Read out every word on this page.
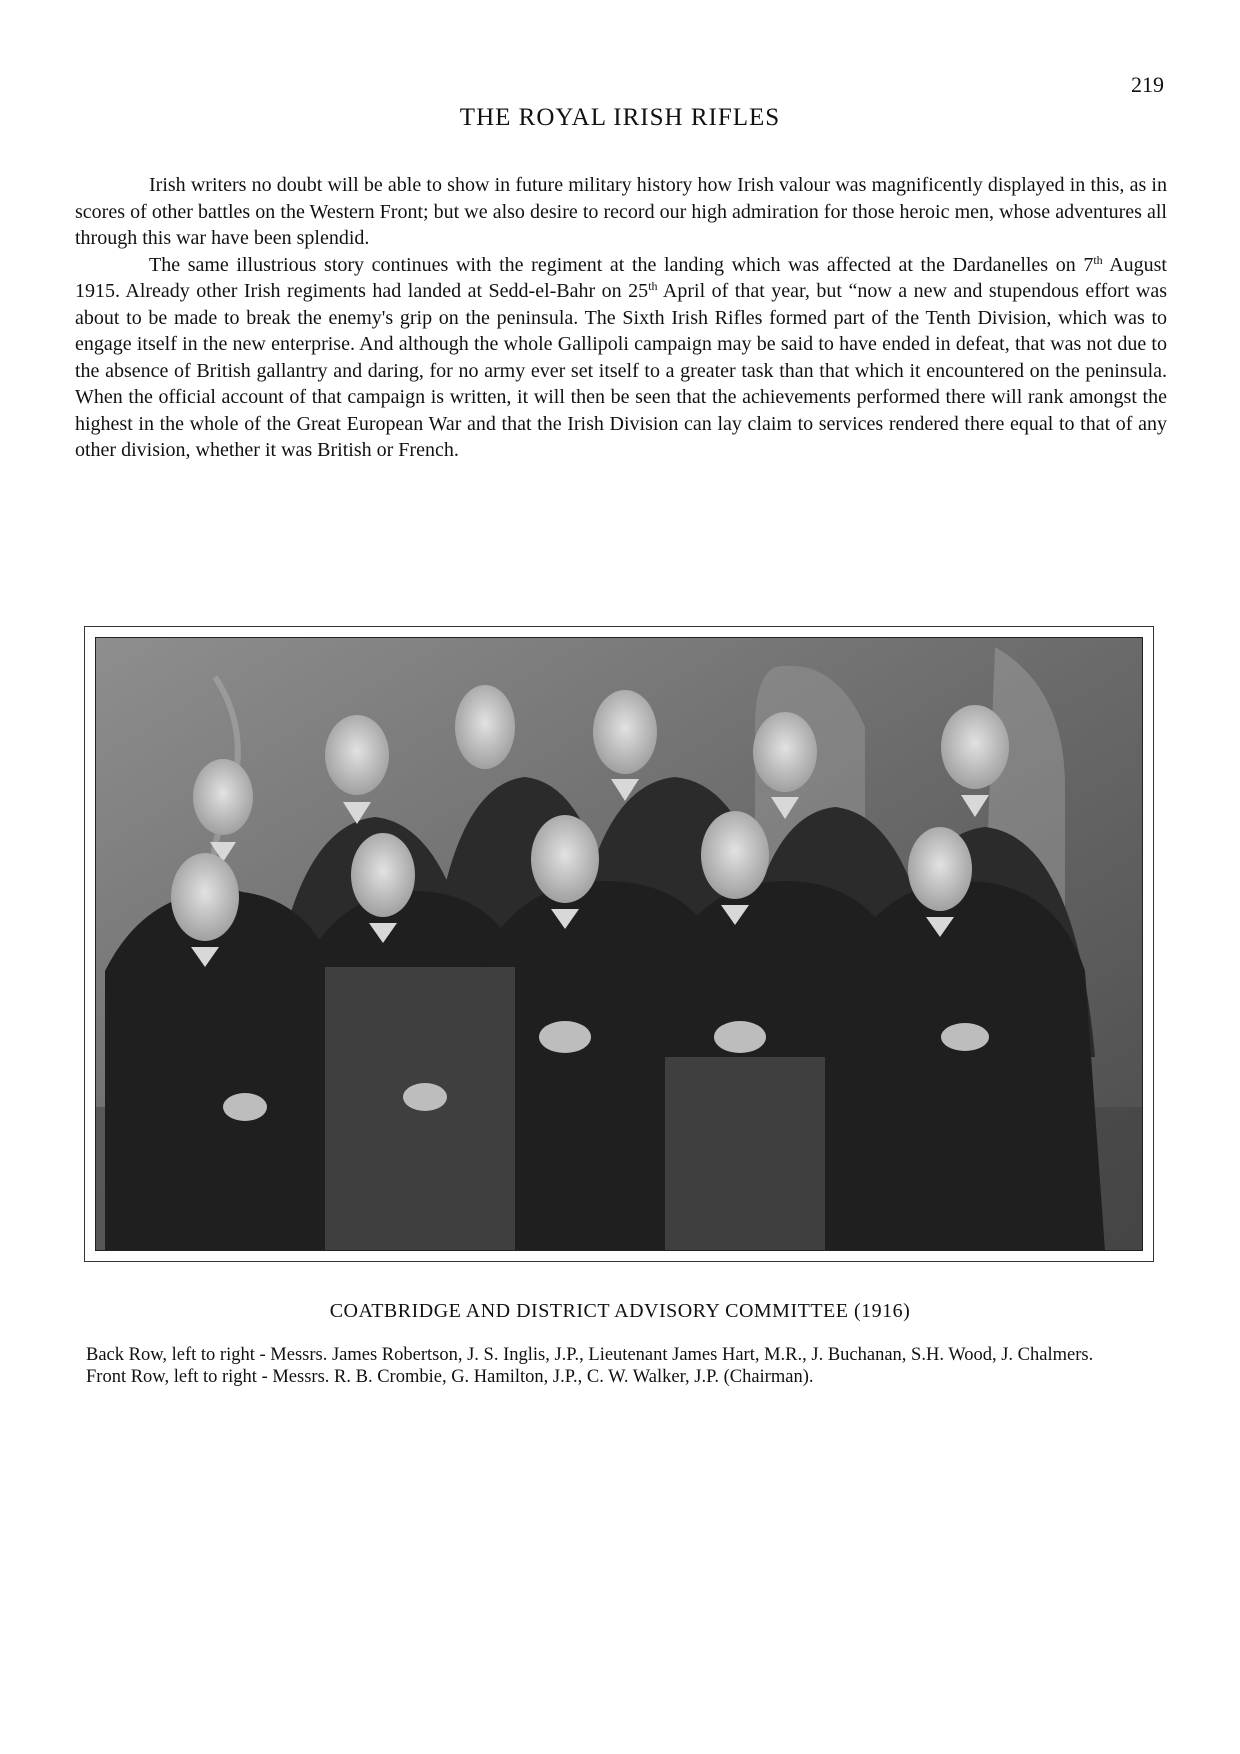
219
THE ROYAL IRISH RIFLES

Irish writers no doubt will be able to show in future military history how Irish valour was magnificently displayed in this, as in scores of other battles on the Western Front; but we also desire to record our high admiration for those heroic men, whose adventures all through this war have been splendid.

The same illustrious story continues with the regiment at the landing which was affected at the Dardanelles on 7th August 1915. Already other Irish regiments had landed at Sedd-el-Bahr on 25th April of that year, but “now a new and stupendous effort was about to be made to break the enemy's grip on the peninsula. The Sixth Irish Rifles formed part of the Tenth Division, which was to engage itself in the new enterprise. And although the whole Gallipoli campaign may be said to have ended in defeat, that was not due to the absence of British gallantry and daring, for no army ever set itself to a greater task than that which it encountered on the peninsula. When the official account of that campaign is written, it will then be seen that the achievements performed there will rank amongst the highest in the whole of the Great European War and that the Irish Division can lay claim to services rendered there equal to that of any other division, whether it was British or French.

COATBRIDGE AND DISTRICT ADVISORY COMMITTEE (1916)

Back Row, left to right - Messrs. James Robertson, J. S. Inglis, J.P., Lieutenant James Hart, M.R., J. Buchanan, S.H. Wood, J. Chalmers.

Front Row, left to right - Messrs. R. B. Crombie, G. Hamilton, J.P., C. W. Walker, J.P. (Chairman).
